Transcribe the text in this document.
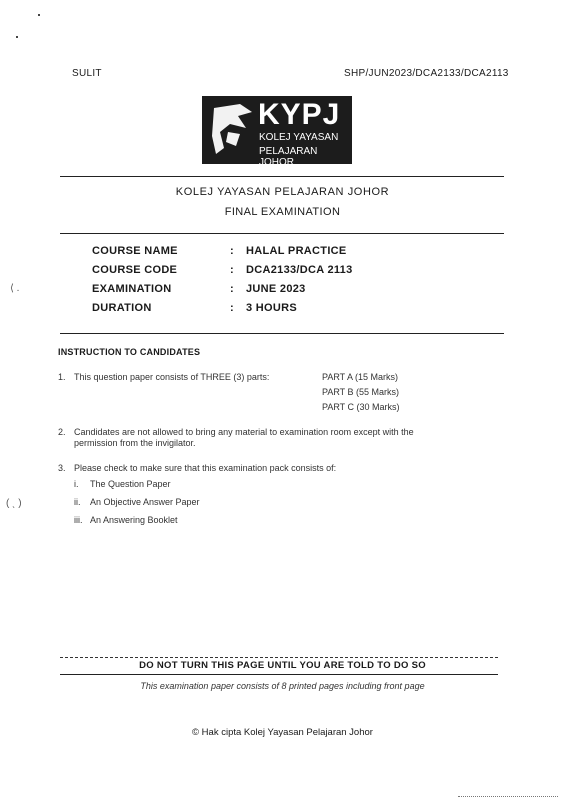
⟨ .
( ˎ )
SULIT	SHP/JUN2023/DCA2133/DCA2113
KYPJ
KOLEJ YAYASAN
PELAJARAN JOHOR
KOLEJ YAYASAN PELAJARAN JOHOR
FINAL EXAMINATION
COURSE NAME	: HALAL PRACTICE
COURSE CODE	: DCA2133/DCA 2113
EXAMINATION	: JUNE 2023
DURATION	: 3 HOURS
INSTRUCTION TO CANDIDATES
1. This question paper consists of THREE (3) parts:	PART A (15 Marks)
PART B (55 Marks)
PART C (30 Marks)
2. Candidates are not allowed to bring any material to examination room except with the
permission from the invigilator.
3. Please check to make sure that this examination pack consists of:
i. The Question Paper
ii. An Objective Answer Paper
iii. An Answering Booklet
DO NOT TURN THIS PAGE UNTIL YOU ARE TOLD TO DO SO
This examination paper consists of 8 printed pages including front page
© Hak cipta Kolej Yayasan Pelajaran Johor
